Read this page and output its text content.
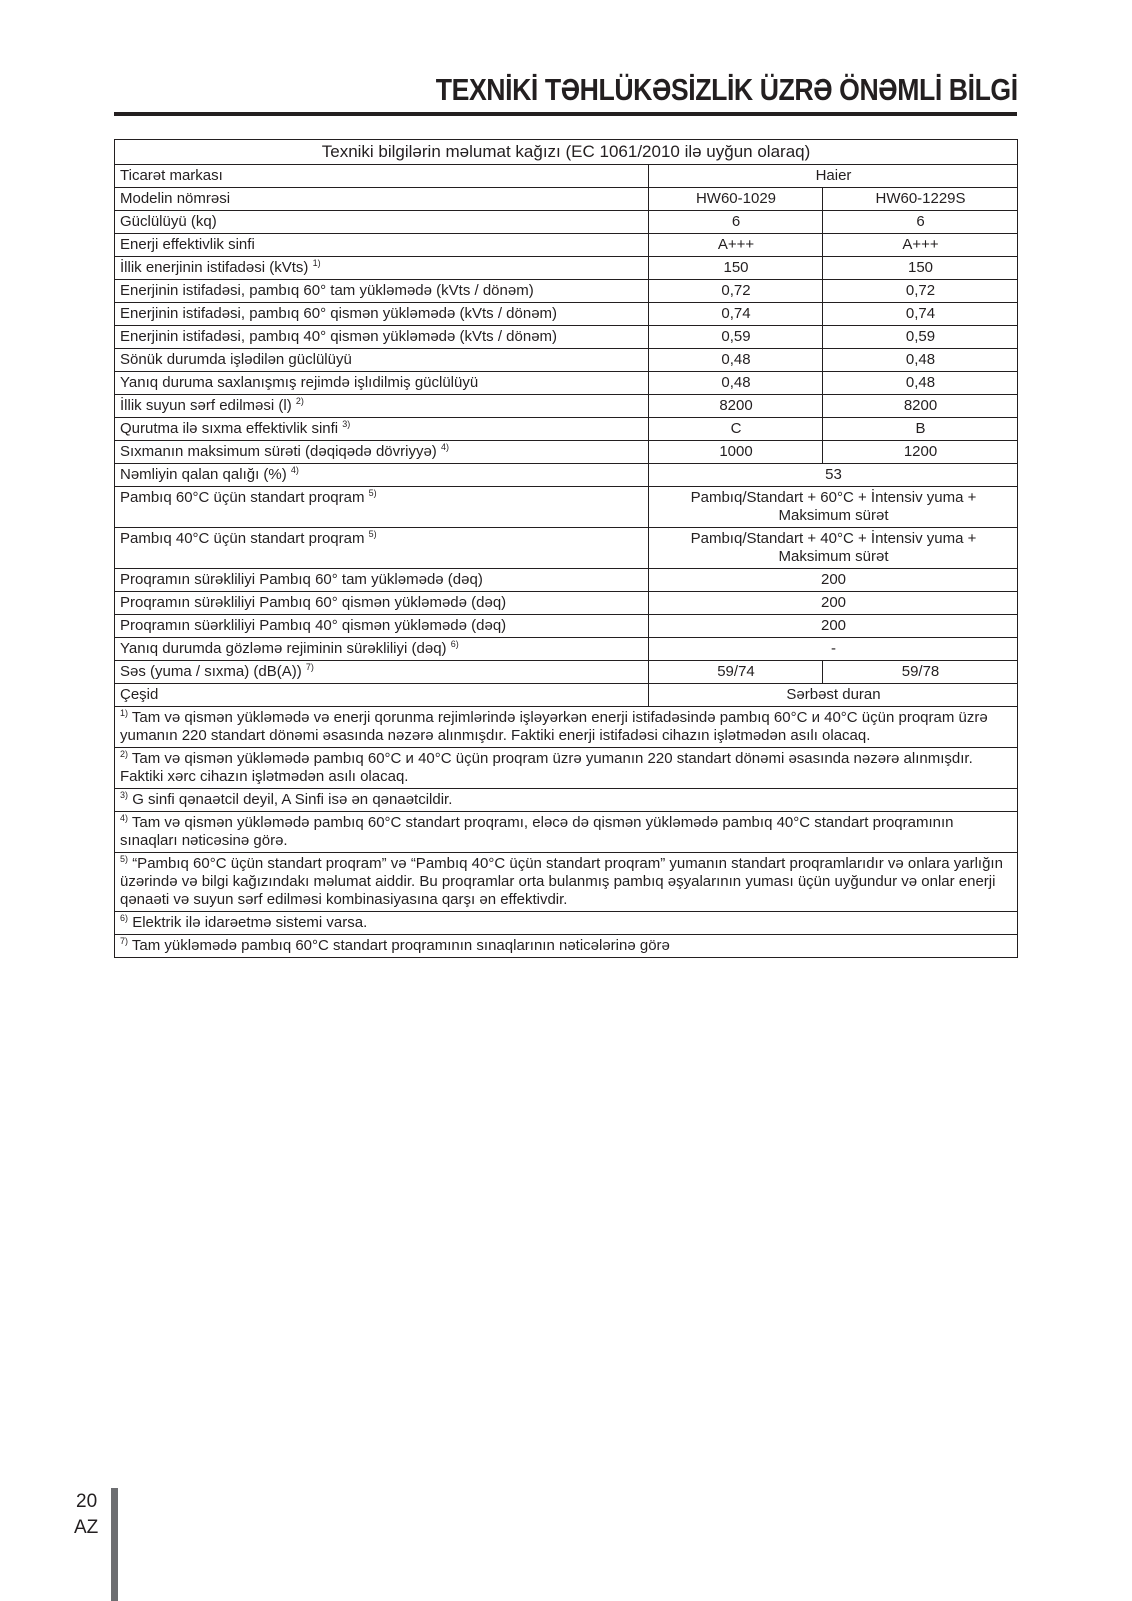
TEXNİKİ TƏHLÜKƏSİZLİK ÜZRƏ ÖNƏMLİ BİLGİ
Texniki bilgilərin məlumat kağızı (EC 1061/2010 ilə uyğun olaraq)		
Ticarət markası	Haier	
Modelin nömrəsi	HW60-1029	HW60-1229S
Güclülüyü (kq)	6	6
Enerji effektivlik sinfi	A+++	A+++
İllik enerjinin istifadəsi (kVts) $^{1)}$	150	150
Enerjinin istifadəsi, pambıq 60° tam yükləmədə (kVts / dönəm)	0,72	0,72
Enerjinin istifadəsi, pambıq 60° qismən yükləmədə (kVts / dönəm)	0,74	0,74
Enerjinin istifadəsi, pambıq 40° qismən yükləmədə (kVts / dönəm)	0,59	0,59
Sönük durumda işlədilən güclülüyü	0,48	0,48
Yanıq duruma saxlanışmış rejimdə işlıdilmiş güclülüyü	0,48	0,48
İllik suyun sərf edilməsi (l) $^{2)}$	8200	8200
Qurutma ilə sıxma effektivlik sinfi $^{3)}$	C	B
Sıxmanın maksimum sürəti (dəqiqədə dövriyyə) $^{4)}$	1000	1200
Nəmliyin qalan qalığı (%) $^{4)}$	53	
Pambıq 60°C üçün standart proqram $^{5)}$	Pambıq/Standart + 60°C + İntensiv yuma +
Maksimum sürət	
Pambıq 40°C üçün standart proqram $^{5)}$	Pambıq/Standart + 40°C + İntensiv yuma +
Maksimum sürət	
Proqramın sürəkliliyi Pambıq 60° tam yükləmədə (dəq)	200	
Proqramın sürəkliliyi Pambıq 60° qismən yükləmədə (dəq)	200	
Proqramın süərkliliyi Pambıq 40° qismən yükləmədə (dəq)	200	
Yanıq durumda gözləmə rejiminin sürəkliliyi (dəq) $^{6)}$	-	
Səs (yuma / sıxma) (dB(A)) $^{7)}$	59/74	59/78
Çeşid	Sərbəst duran	
$^{1)}$ Tam və qismən yükləmədə və enerji qorunma rejimlərində işləyərkən enerji istifadəsində pambıq 60°C и 40°C üçün proqram üzrə yumanın 220 standart dönəmi əsasında nəzərə alınmışdır. Faktiki enerji istifadəsi cihazın işlətmədən asılı olacaq.		
$^{2)}$ Tam və qismən yükləmədə pambıq 60°C и 40°C üçün proqram üzrə yumanın 220 standart dönəmi əsasında nəzərə alınmışdır. Faktiki xərc cihazın işlətmədən asılı olacaq.		
$^{3)}$ G sinfi qənaətcil deyil, A Sinfi isə ən qənaətcildir.		
$^{4)}$ Tam və qismən yükləmədə pambıq 60°C standart proqramı, eləcə də qismən yükləmədə pambıq 40°C standart proqramının sınaqları nəticəsinə görə.		
$^{5)}$ “Pambıq 60°C üçün standart proqram” və “Pambıq 40°C üçün standart proqram” yumanın standart proqramlarıdır və onlara yarlığın üzərində və bilgi kağızındakı məlumat aiddir. Bu proqramlar orta bulanmış pambıq əşyalarının yuması üçün uyğundur və onlar enerji qənaəti və suyun sərf edilməsi kombinasiyasına qarşı ən effektivdir.		
$^{6)}$ Elektrik ilə idarəetmə sistemi varsa.		
$^{7)}$ Tam yükləmədə pambıq 60°C standart proqramının sınaqlarının nəticələrinə görə		
20
AZ
